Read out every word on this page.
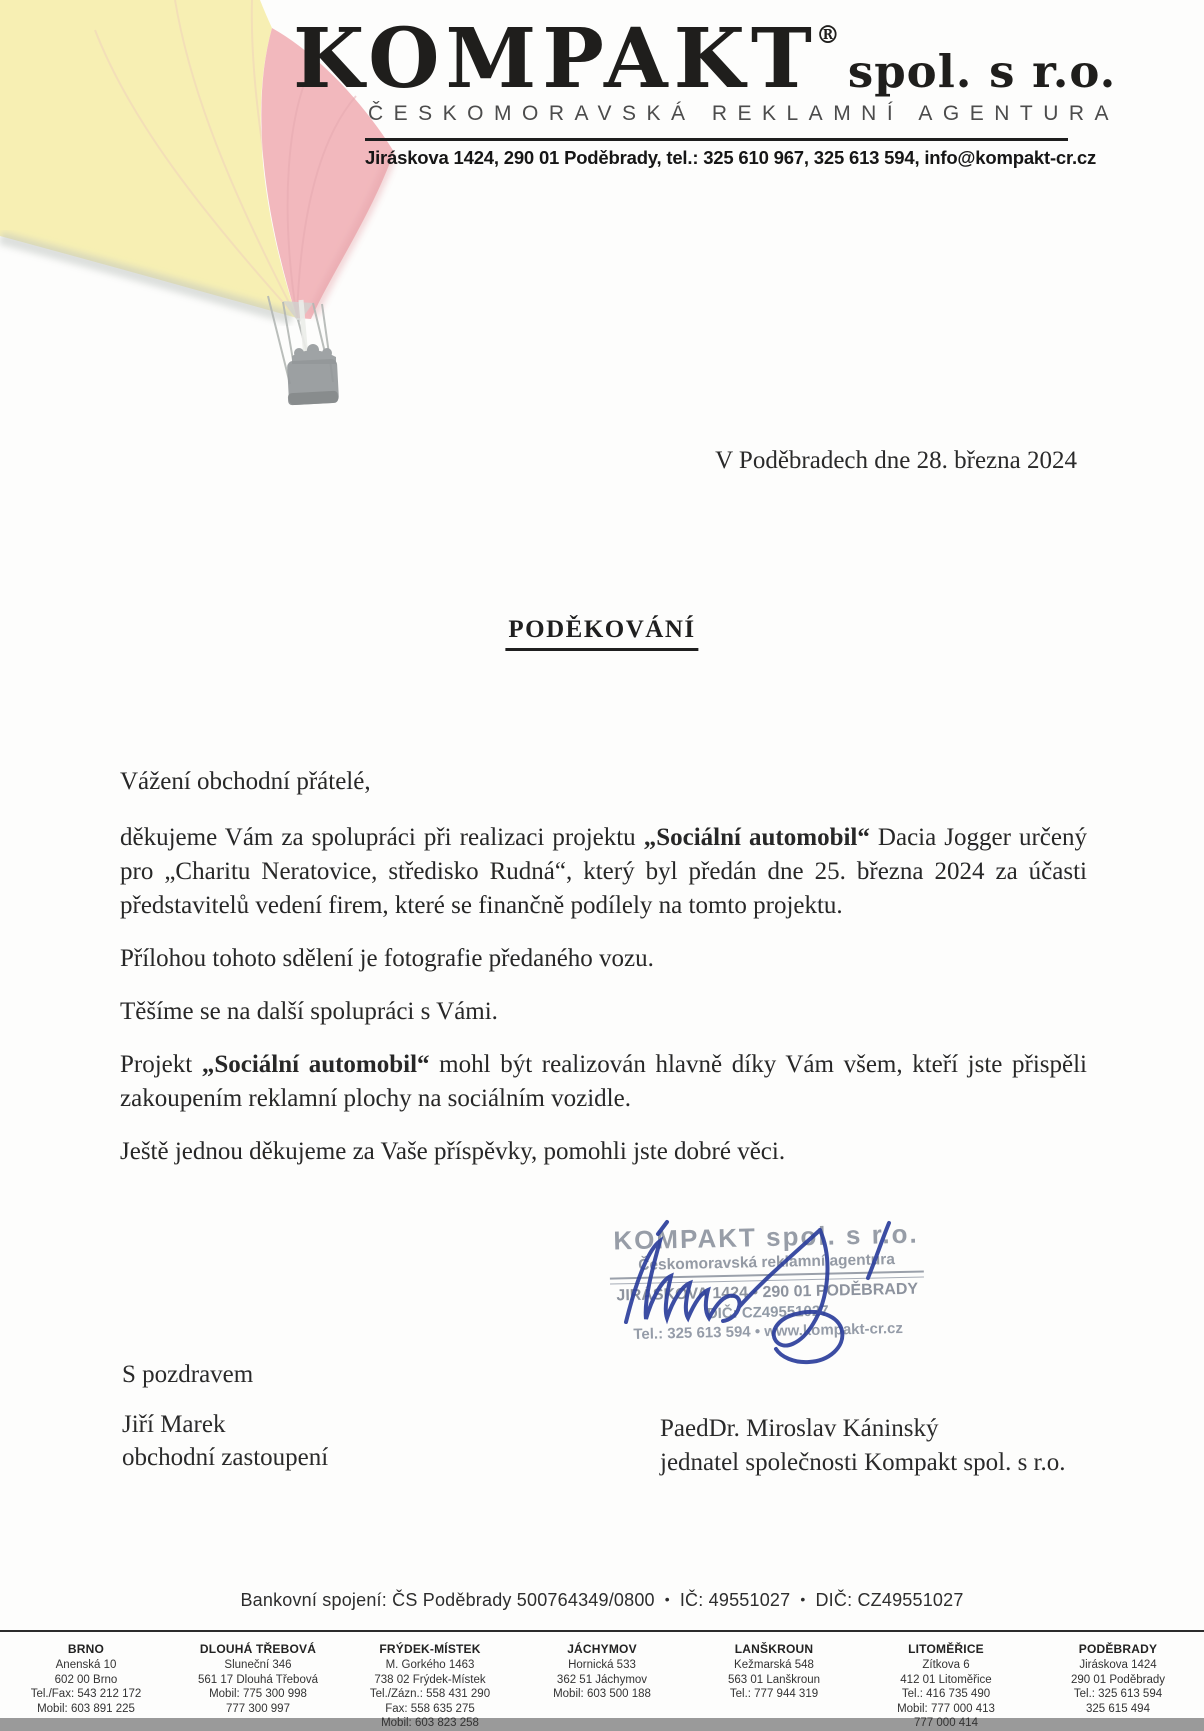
KOMPAKT
®
spol. s r.o.
ČESKOMORAVSKÁ REKLAMNÍ AGENTURA
Jiráskova 1424, 290 01 Poděbrady, tel.: 325 610 967, 325 613 594, info@kompakt-cr.cz
V Poděbradech dne 28. března 2024
PODĚKOVÁNÍ

Vážení obchodní přátelé,

děkujeme Vám za spolupráci při realizaci projektu „Sociální automobil“ Dacia Jogger určený pro „Charitu Neratovice, středisko Rudná“, který byl předán dne 25. března 2024 za účasti představitelů vedení firem, které se finančně podílely na tomto projektu.

Přílohou tohoto sdělení je fotografie předaného vozu.

Těšíme se na další spolupráci s Vámi.

Projekt „Sociální automobil“ mohl být realizován hlavně díky Vám všem, kteří jste přispěli zakoupením reklamní plochy na sociálním vozidle.

Ještě jednou děkujeme za Vaše příspěvky, pomohli jste dobré věci.

KOMPAKT spol. s r.o.
Českomoravská reklamní agentura
JIRÁSKOVA 1424 • 290 01 PODĚBRADY
DIČ: CZ49551027
Tel.: 325 613 594 • www.kompakt-cr.cz
S pozdravem
Jiří Marek
obchodní zastoupení
PaedDr. Miroslav Káninský
jednatel společnosti Kompakt spol. s r.o.
Bankovní spojení: ČS Poděbrady 500764349/0800 • IČ: 49551027 • DIČ: CZ49551027
BRNO
Anenská 10
602 00 Brno
Tel./Fax: 543 212 172
Mobil: 603 891 225
DLOUHÁ TŘEBOVÁ
Sluneční 346
561 17 Dlouhá Třebová
Mobil: 775 300 998
777 300 997
FRÝDEK-MÍSTEK
M. Gorkého 1463
738 02 Frýdek-Místek
Tel./Zázn.: 558 431 290
Fax: 558 635 275
Mobil: 603 823 258
JÁCHYMOV
Hornická 533
362 51 Jáchymov
Mobil: 603 500 188
LANŠKROUN
Kežmarská 548
563 01 Lanškroun
Tel.: 777 944 319
LITOMĚŘICE
Zítkova 6
412 01 Litoměřice
Tel.: 416 735 490
Mobil: 777 000 413
777 000 414
PODĚBRADY
Jiráskova 1424
290 01 Poděbrady
Tel.: 325 613 594
325 615 494
